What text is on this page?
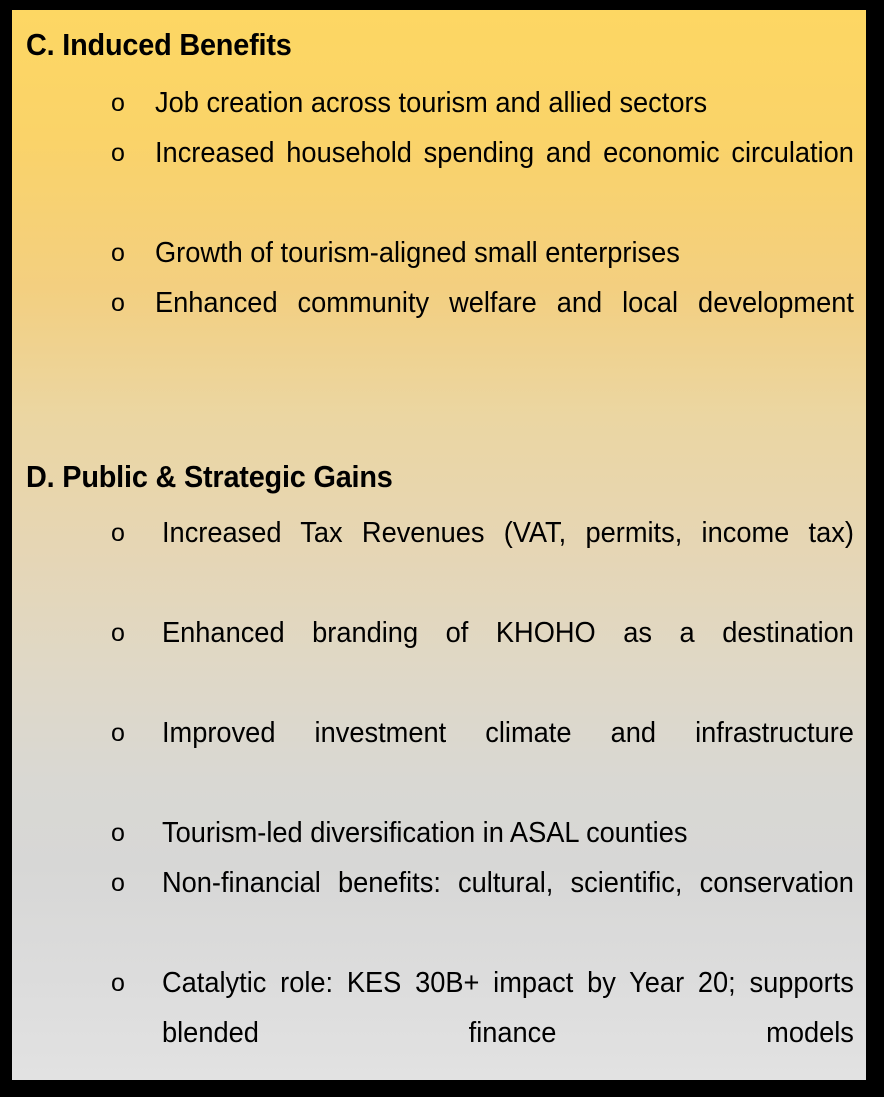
C. Induced Benefits
o	Job creation across tourism and allied sectors
o	Increased household spending and economic circulation
o	Growth of tourism-aligned small enterprises
o	Enhanced community welfare and local development
D. Public & Strategic Gains
o	Increased Tax Revenues (VAT, permits, income tax)
o	Enhanced branding of KHOHO as a destination
o	Improved investment climate and infrastructure
o	Tourism-led diversification in ASAL counties
o	Non-financial benefits: cultural, scientific, conservation
o	Catalytic role: KES 30B+ impact by Year 20; supports blended finance models
